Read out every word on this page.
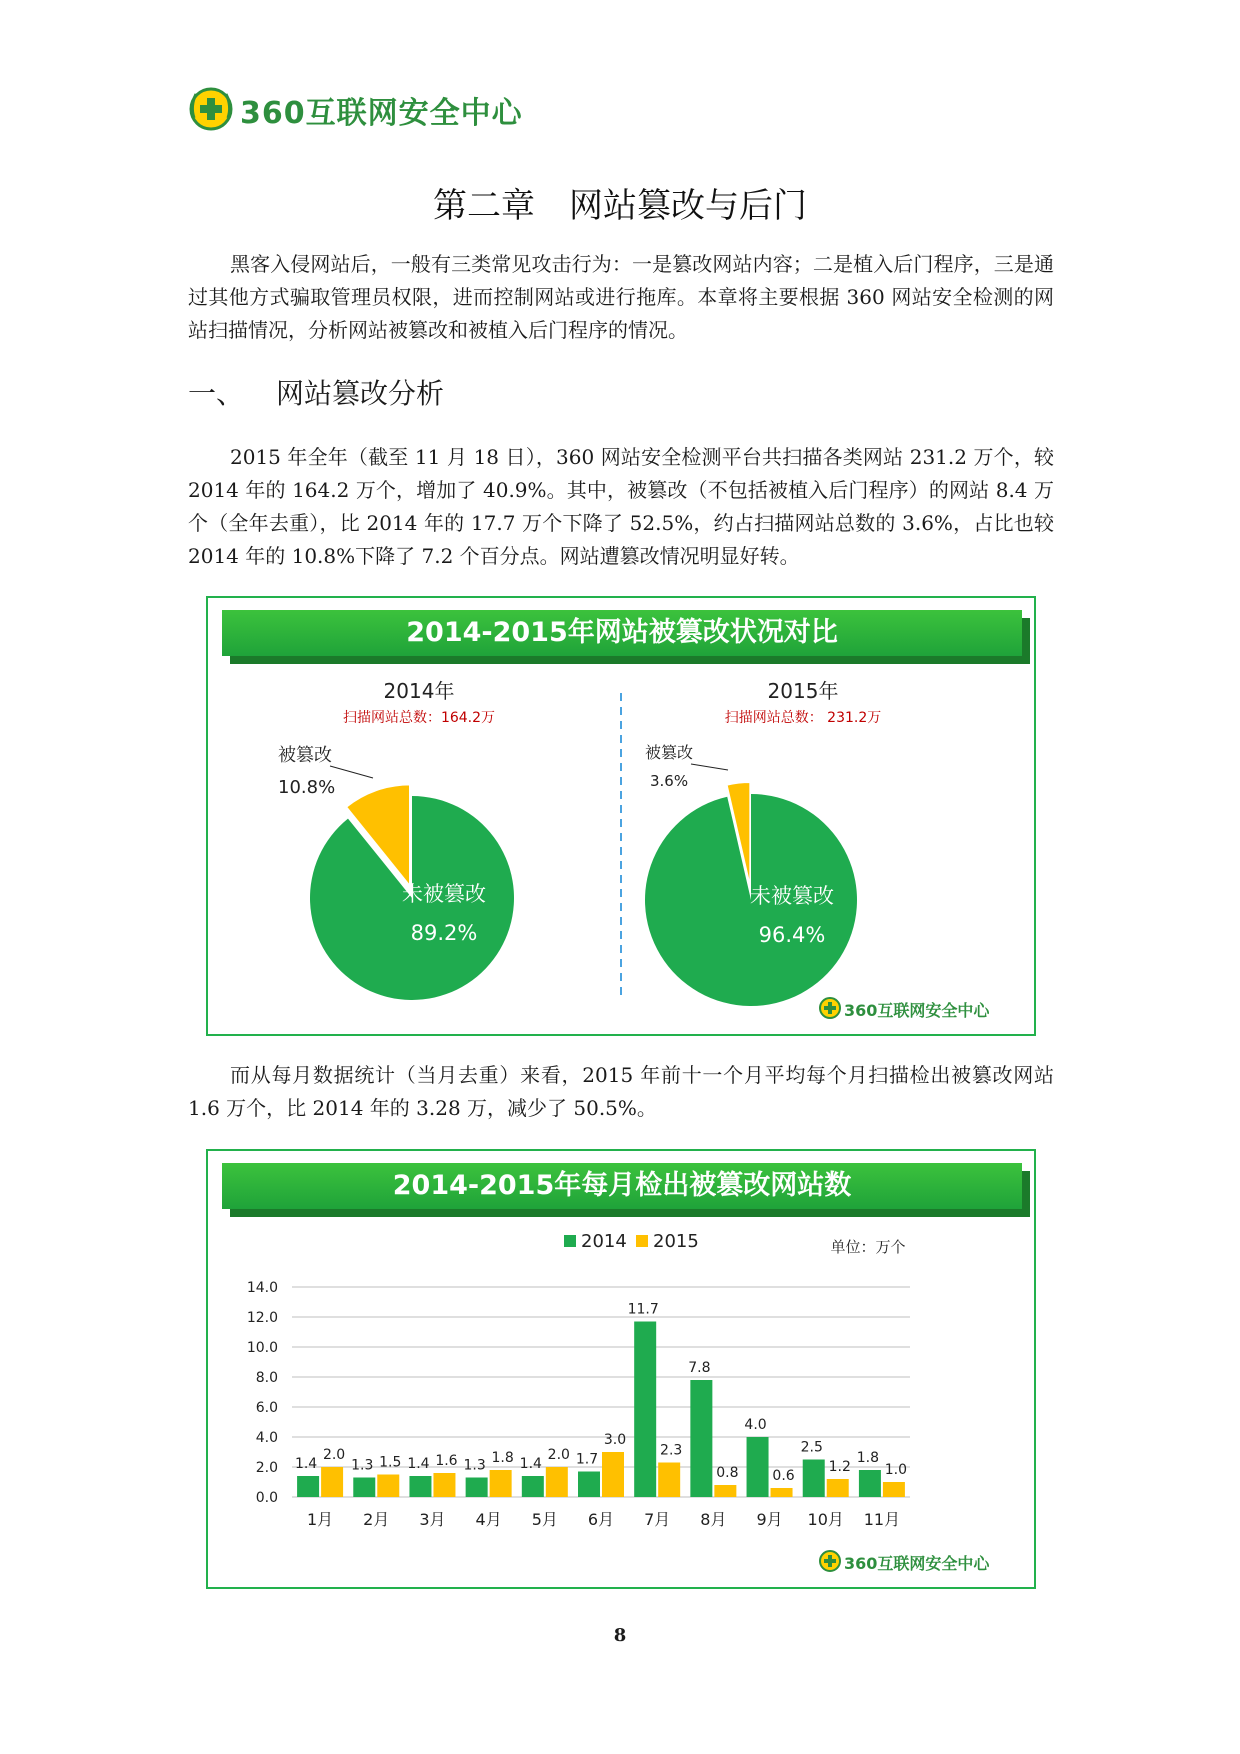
360互联网安全中心
第二章　网站篡改与后门

黑客入侵网站后，一般有三类常见攻击行为：一是篡改网站内容；二是植入后门程序，三是通过其他方式骗取管理员权限，进而控制网站或进行拖库。本章将主要根据 360 网站安全检测的网站扫描情况，分析网站被篡改和被植入后门程序的情况。

一、 网站篡改分析

2015 年全年（截至 11 月 18 日），360 网站安全检测平台共扫描各类网站 231.2 万个，较 2014 年的 164.2 万个，增加了 40.9%。其中，被篡改（不包括被植入后门程序）的网站 8.4 万个（全年去重），比 2014 年的 17.7 万个下降了 52.5%，约占扫描网站总数的 3.6%，占比也较 2014 年的 10.8%下降了 7.2 个百分点。网站遭篡改情况明显好转。

2014-2015年网站被篡改状况对比
2014年
扫描网站总数：164.2万
2015年
扫描网站总数： 231.2万
被篡改
10.8%
未被篡改
89.2%
被篡改
3.6%
未被篡改
96.4%
360互联网安全中心

而从每月数据统计（当月去重）来看，2015 年前十一个月平均每个月扫描检出被篡改网站 1.6 万个，比 2014 年的 3.28 万，减少了 50.5%。

2014-2015年每月检出被篡改网站数
2014 2015	单位：万个
0.0
2.0
4.0
6.0
8.0
10.0
12.0
14.0
1.4
2.0
1月
1.3 1.5
2月
1.4 1.6
3月
1.3 1.8
4月
1.4
2.0
5月
1.7
3.0
6月
11.7
2.3
7月
7.8
0.8
8月
4.0
0.6
9月
2.5
1.2
10月
1.8
1.0
11月
360互联网安全中心
8
